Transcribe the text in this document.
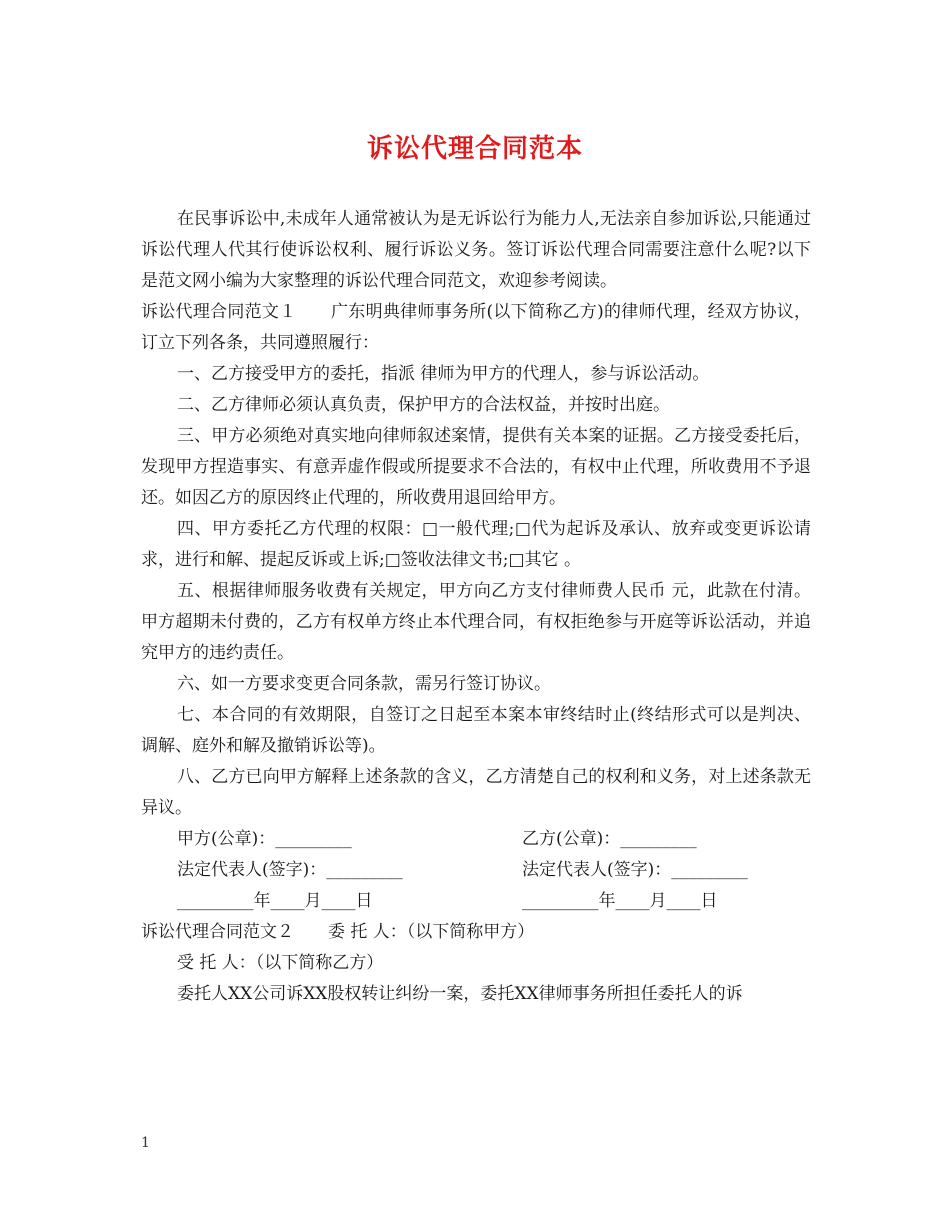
诉讼代理合同范本

在民事诉讼中,未成年人通常被认为是无诉讼行为能力人,无法亲自参加诉讼,只能通过诉讼代理人代其行使诉讼权利、履行诉讼义务。签订诉讼代理合同需要注意什么呢?以下是范文网小编为大家整理的诉讼代理合同范文，欢迎参考阅读。

诉讼代理合同范文１　　广东明典律师事务所(以下简称乙方)的律师代理，经双方协议，订立下列各条，共同遵照履行：

一、乙方接受甲方的委托，指派 律师为甲方的代理人，参与诉讼活动。

二、乙方律师必须认真负责，保护甲方的合法权益，并按时出庭。

三、甲方必须绝对真实地向律师叙述案情，提供有关本案的证据。乙方接受委托后，发现甲方捏造事实、有意弄虚作假或所提要求不合法的，有权中止代理，所收费用不予退还。如因乙方的原因终止代理的，所收费用退回给甲方。

四、甲方委托乙方代理的权限：□一般代理;□代为起诉及承认、放弃或变更诉讼请求，进行和解、提起反诉或上诉;□签收法律文书;□其它 。

五、根据律师服务收费有关规定，甲方向乙方支付律师费人民币 元，此款在付清。甲方超期未付费的，乙方有权单方终止本代理合同，有权拒绝参与开庭等诉讼活动，并追究甲方的违约责任。

六、如一方要求变更合同条款，需另行签订协议。

七、本合同的有效期限，自签订之日起至本案本审终结时止(终结形式可以是判决、调解、庭外和解及撤销诉讼等)。

八、乙方已向甲方解释上述条款的含义，乙方清楚自己的权利和义务，对上述条款无异议。

甲方(公章)：_________	乙方(公章)：_________
法定代表人(签字)：_________	法定代表人(签字)：_________
_________年____月____日	_________年____月____日

诉讼代理合同范文２　　委 托 人：（以下简称甲方）

受 托 人：（以下简称乙方）

委托人XX公司诉XX股权转让纠纷一案，委托XX律师事务所担任委托人的诉

1
